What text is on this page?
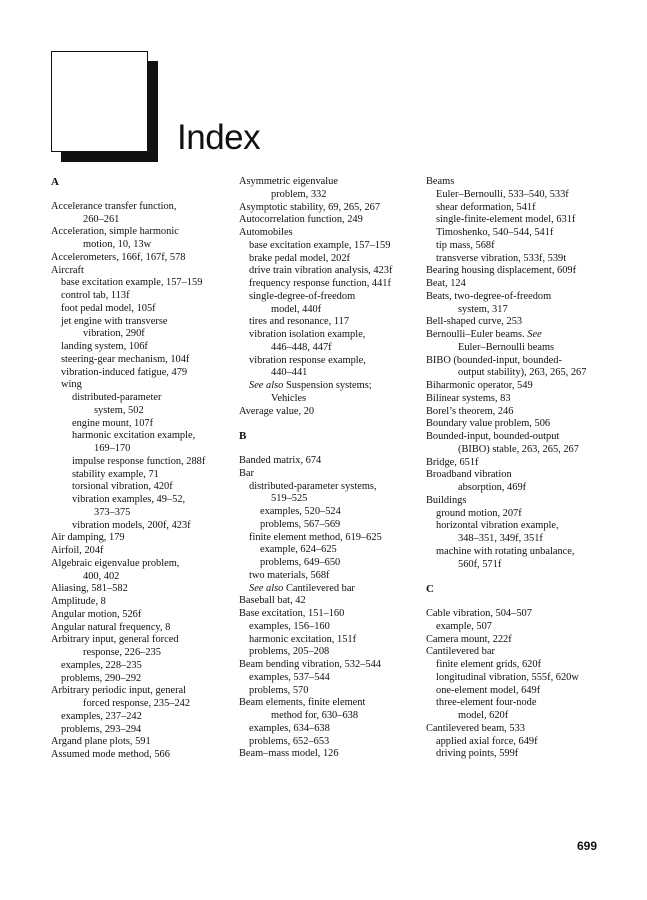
Index
A
Accelerance transfer function,
260–261
Acceleration, simple harmonic
motion, 10, 13w
Accelerometers, 166f, 167f, 578
Aircraft
base excitation example, 157–159
control tab, 113f
foot pedal model, 105f
jet engine with transverse
vibration, 290f
landing system, 106f
steering-gear mechanism, 104f
vibration-induced fatigue, 479
wing
distributed-parameter
system, 502
engine mount, 107f
harmonic excitation example,
169–170
impulse response function, 288f
stability example, 71
torsional vibration, 420f
vibration examples, 49–52,
373–375
vibration models, 200f, 423f
Air damping, 179
Airfoil, 204f
Algebraic eigenvalue problem,
400, 402
Aliasing, 581–582
Amplitude, 8
Angular motion, 526f
Angular natural frequency, 8
Arbitrary input, general forced
response, 226–235
examples, 228–235
problems, 290–292
Arbitrary periodic input, general
forced response, 235–242
examples, 237–242
problems, 293–294
Argand plane plots, 591
Assumed mode method, 566
Asymmetric eigenvalue
problem, 332
Asymptotic stability, 69, 265, 267
Autocorrelation function, 249
Automobiles
base excitation example, 157–159
brake pedal model, 202f
drive train vibration analysis, 423f
frequency response function, 441f
single-degree-of-freedom
model, 440f
tires and resonance, 117
vibration isolation example,
446–448, 447f
vibration response example,
440–441
See also Suspension systems;
Vehicles
Average value, 20
B
Banded matrix, 674
Bar
distributed-parameter systems,
519–525
examples, 520–524
problems, 567–569
finite element method, 619–625
example, 624–625
problems, 649–650
two materials, 568f
See also Cantilevered bar
Baseball bat, 42
Base excitation, 151–160
examples, 156–160
harmonic excitation, 151f
problems, 205–208
Beam bending vibration, 532–544
examples, 537–544
problems, 570
Beam elements, finite element
method for, 630–638
examples, 634–638
problems, 652–653
Beam–mass model, 126
Beams
Euler–Bernoulli, 533–540, 533f
shear deformation, 541f
single-finite-element model, 631f
Timoshenko, 540–544, 541f
tip mass, 568f
transverse vibration, 533f, 539t
Bearing housing displacement, 609f
Beat, 124
Beats, two-degree-of-freedom
system, 317
Bell-shaped curve, 253
Bernoulli–Euler beams. See
Euler–Bernoulli beams
BIBO (bounded-input, bounded-
output stability), 263, 265, 267
Biharmonic operator, 549
Bilinear systems, 83
Borel’s theorem, 246
Boundary value problem, 506
Bounded-input, bounded-output
(BIBO) stable, 263, 265, 267
Bridge, 651f
Broadband vibration
absorption, 469f
Buildings
ground motion, 207f
horizontal vibration example,
348–351, 349f, 351f
machine with rotating unbalance,
560f, 571f
C
Cable vibration, 504–507
example, 507
Camera mount, 222f
Cantilevered bar
finite element grids, 620f
longitudinal vibration, 555f, 620w
one-element model, 649f
three-element four-node
model, 620f
Cantilevered beam, 533
applied axial force, 649f
driving points, 599f
699
